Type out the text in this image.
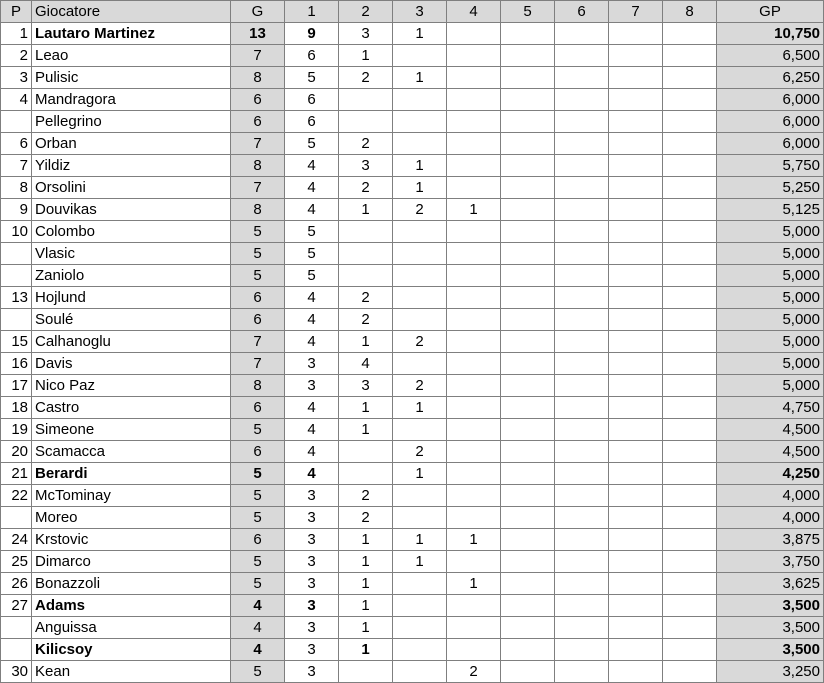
P	Giocatore	G	1	2	3	4	5	6	7	8	GP
1	Lautaro Martinez	13	9	3	1						10,750
2	Leao	7	6	1							6,500
3	Pulisic	8	5	2	1						6,250
4	Mandragora	6	6								6,000
	Pellegrino	6	6								6,000
6	Orban	7	5	2							6,000
7	Yildiz	8	4	3	1						5,750
8	Orsolini	7	4	2	1						5,250
9	Douvikas	8	4	1	2	1					5,125
10	Colombo	5	5								5,000
	Vlasic	5	5								5,000
	Zaniolo	5	5								5,000
13	Hojlund	6	4	2							5,000
	Soulé	6	4	2							5,000
15	Calhanoglu	7	4	1	2						5,000
16	Davis	7	3	4							5,000
17	Nico Paz	8	3	3	2						5,000
18	Castro	6	4	1	1						4,750
19	Simeone	5	4	1							4,500
20	Scamacca	6	4		2						4,500
21	Berardi	5	4		1						4,250
22	McTominay	5	3	2							4,000
	Moreo	5	3	2							4,000
24	Krstovic	6	3	1	1	1					3,875
25	Dimarco	5	3	1	1						3,750
26	Bonazzoli	5	3	1		1					3,625
27	Adams	4	3	1							3,500
	Anguissa	4	3	1							3,500
	Kilicsoy	4	3	1							3,500
30	Kean	5	3			2					3,250
